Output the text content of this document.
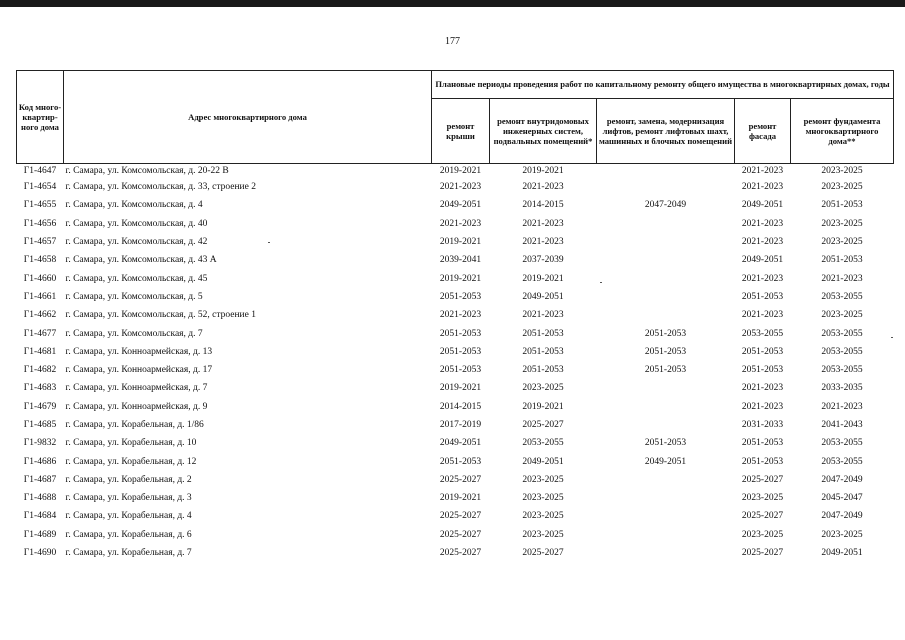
177
Код много-квартир-ного дома	Адрес многоквартирного дома	Плановые периоды проведения работ по капитальному ремонту общего имущества в многоквартирных домах, годы				
		ремонт крыши	ремонт внутридомовых инженерных систем, подвальных помещений*	ремонт, замена, модернизация лифтов, ремонт лифтовых шахт, машинных и блочных помещений	ремонт фасада	ремонт фундамента многоквартирного дома**
Г1-4647	г. Самара, ул. Комсомольская, д. 20-22 В	2019-2021	2019-2021		2021-2023	2023-2025
Г1-4654	г. Самара, ул. Комсомольская, д. 33, строение 2	2021-2023	2021-2023		2021-2023	2023-2025
Г1-4655	г. Самара, ул. Комсомольская, д. 4	2049-2051	2014-2015	2047-2049	2049-2051	2051-2053
Г1-4656	г. Самара, ул. Комсомольская, д. 40	2021-2023	2021-2023		2021-2023	2023-2025
Г1-4657	г. Самара, ул. Комсомольская, д. 42	2019-2021	2021-2023		2021-2023	2023-2025
Г1-4658	г. Самара, ул. Комсомольская, д. 43 А	2039-2041	2037-2039		2049-2051	2051-2053
Г1-4660	г. Самара, ул. Комсомольская, д. 45	2019-2021	2019-2021		2021-2023	2021-2023
Г1-4661	г. Самара, ул. Комсомольская, д. 5	2051-2053	2049-2051		2051-2053	2053-2055
Г1-4662	г. Самара, ул. Комсомольская, д. 52, строение 1	2021-2023	2021-2023		2021-2023	2023-2025
Г1-4677	г. Самара, ул. Комсомольская, д. 7	2051-2053	2051-2053	2051-2053	2053-2055	2053-2055
Г1-4681	г. Самара, ул. Конноармейская, д. 13	2051-2053	2051-2053	2051-2053	2051-2053	2053-2055
Г1-4682	г. Самара, ул. Конноармейская, д. 17	2051-2053	2051-2053	2051-2053	2051-2053	2053-2055
Г1-4683	г. Самара, ул. Конноармейская, д. 7	2019-2021	2023-2025		2021-2023	2033-2035
Г1-4679	г. Самара, ул. Конноармейская, д. 9	2014-2015	2019-2021		2021-2023	2021-2023
Г1-4685	г. Самара, ул. Корабельная, д. 1/86	2017-2019	2025-2027		2031-2033	2041-2043
Г1-9832	г. Самара, ул. Корабельная, д. 10	2049-2051	2053-2055	2051-2053	2051-2053	2053-2055
Г1-4686	г. Самара, ул. Корабельная, д. 12	2051-2053	2049-2051	2049-2051	2051-2053	2053-2055
Г1-4687	г. Самара, ул. Корабельная, д. 2	2025-2027	2023-2025		2025-2027	2047-2049
Г1-4688	г. Самара, ул. Корабельная, д. 3	2019-2021	2023-2025		2023-2025	2045-2047
Г1-4684	г. Самара, ул. Корабельная, д. 4	2025-2027	2023-2025		2025-2027	2047-2049
Г1-4689	г. Самара, ул. Корабельная, д. 6	2025-2027	2023-2025		2023-2025	2023-2025
Г1-4690	г. Самара, ул. Корабельная, д. 7	2025-2027	2025-2027		2025-2027	2049-2051
